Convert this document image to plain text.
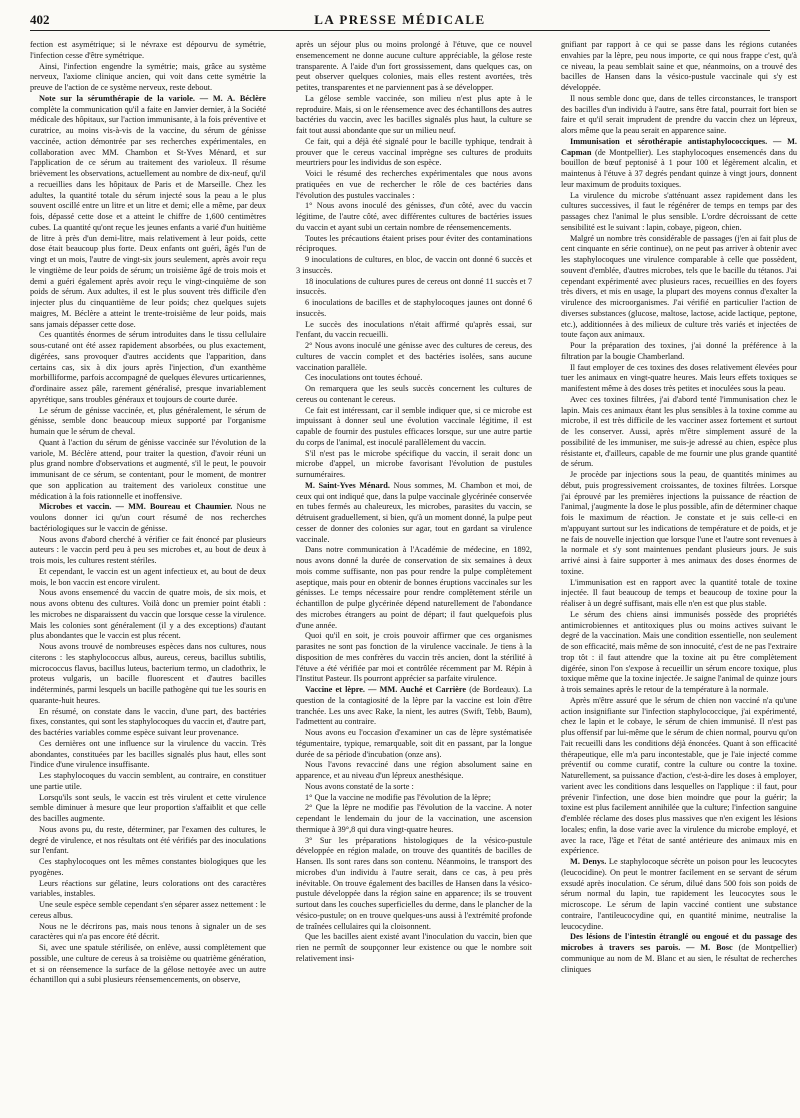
402	LA PRESSE MÉDICALE

fection est asymétrique; si le névraxe est dépourvu de symétrie, l'infection cesse d'être symétrique.

Ainsi, l'infection engendre la symétrie; mais, grâce au système nerveux, l'axiome clinique ancien, qui voit dans cette symétrie la preuve de l'action de ce système nerveux, reste debout.

Note sur la sérumthérapie de la variole. — M. A. Béclère complète la communication qu'il a faite en Janvier dernier, à la Société médicale des hôpitaux, sur l'action immunisante, à la fois préventive et curatrice, au moins vis-à-vis de la vaccine, du sérum de génisse vaccinée, action démontrée par ses recherches expérimentales, en collaboration avec MM. Chambon et St-Yves Ménard, et sur l'application de ce sérum au traitement des varioleux. Il résume brièvement les observations, actuellement au nombre de dix-neuf, qu'il a recueillies dans les hôpitaux de Paris et de Marseille. Chez les adultes, la quantité totale du sérum injecté sous la peau a le plus souvent oscillé entre un litre et un litre et demi; elle a même, par deux fois, dépassé cette dose et a atteint le chiffre de 1,600 centimètres cubes. La quantité qu'ont reçue les jeunes enfants a varié d'un huitième de litre à près d'un demi-litre, mais relativement à leur poids, cette dose était beaucoup plus forte. Deux enfants ont guéri, âgés l'un de vingt et un mois, l'autre de vingt-six jours seulement, après avoir reçu le vingtième de leur poids de sérum; un troisième âgé de trois mois et demi a guéri également après avoir reçu le vingt-cinquième de son poids de sérum. Aux adultes, il est le plus souvent très difficile d'en injecter plus du cinquantième de leur poids; chez quelques sujets maigres, M. Béclère a atteint le trente-troisième de leur poids, mais sans jamais dépasser cette dose.

Ces quantités énormes de sérum introduites dans le tissu cellulaire sous-cutané ont été assez rapidement absorbées, ou plus exactement, digérées, sans provoquer d'autres accidents que l'apparition, dans certains cas, six à dix jours après l'injection, d'un exanthème morbilliforme, parfois accompagné de quelques élevures urticariennes, d'ordinaire assez pâle, rarement généralisé, presque invariablement apyrétique, sans troubles généraux et toujours de courte durée.

Le sérum de génisse vaccinée, et, plus généralement, le sérum de génisse, semble donc beaucoup mieux supporté par l'organisme humain que le sérum de cheval.

Quant à l'action du sérum de génisse vaccinée sur l'évolution de la variole, M. Béclère attend, pour traiter la question, d'avoir réuni un plus grand nombre d'observations et augmenté, s'il le peut, le pouvoir immunisant de ce sérum, se contentant, pour le moment, de montrer que son application au traitement des varioleux constitue une médication à la fois rationnelle et inoffensive.

Microbes et vaccin. — MM. Boureau et Chaumier. Nous ne voulons donner ici qu'un court résumé de nos recherches bactériologiques sur le vaccin de génisse.

Nous avons d'abord cherché à vérifier ce fait énoncé par plusieurs auteurs : le vaccin perd peu à peu ses microbes et, au bout de deux à trois mois, les cultures restent stériles.

Et cependant, le vaccin est un agent infectieux et, au bout de deux mois, le bon vaccin est encore virulent.

Nous avons ensemencé du vaccin de quatre mois, de six mois, et nous avons obtenu des cultures. Voilà donc un premier point établi : les microbes ne disparaissent du vaccin que lorsque cesse la virulence. Mais les colonies sont généralement (il y a des exceptions) d'autant plus abondantes que le vaccin est plus récent.

Nous avons trouvé de nombreuses espèces dans nos cultures, nous citerons : les staphylococcus albus, aureus, cereus, bacillus subtilis, micrococcus flavus, bacillus luteus, bacterium termo, un cladothrix, le proteus vulgaris, un bacille fluorescent et d'autres bacilles indéterminés, parmi lesquels un bacille pathogène qui tue les souris en quarante-huit heures.

En résumé, on constate dans le vaccin, d'une part, des bactéries fixes, constantes, qui sont les staphylocoques du vaccin et, d'autre part, des bactéries variables comme espèce suivant leur provenance.

Ces dernières ont une influence sur la virulence du vaccin. Très abondantes, constituées par les bacilles signalés plus haut, elles sont l'indice d'une virulence insuffisante.

Les staphylocoques du vaccin semblent, au contraire, en constituer une partie utile.

Lorsqu'ils sont seuls, le vaccin est très virulent et cette virulence semble diminuer à mesure que leur proportion s'affaiblit et que celle des bacilles augmente.

Nous avons pu, du reste, déterminer, par l'examen des cultures, le degré de virulence, et nos résultats ont été vérifiés par des inoculations sur l'enfant.

Ces staphylocoques ont les mêmes constantes biologiques que les pyogènes.

Leurs réactions sur gélatine, leurs colorations ont des caractères variables, instables.

Une seule espèce semble cependant s'en séparer assez nettement : le cereus albus.

Nous ne le décrirons pas, mais nous tenons à signaler un de ses caractères qui n'a pas encore été décrit.

Si, avec une spatule stérilisée, on enlève, aussi complètement que possible, une culture de cereus à sa troisième ou quatrième génération, et si on réensemence la surface de la gélose nettoyée avec un autre échantillon qui a subi plusieurs réensemencements, on observe,

après un séjour plus ou moins prolongé à l'étuve, que ce nouvel ensemencement ne donne aucune culture appréciable, la gélose reste transparente. A l'aide d'un fort grossissement, dans quelques cas, on peut observer quelques colonies, mais elles restent avortées, très petites, transparentes et ne parviennent pas à se développer.

La gélose semble vaccinée, son milieu n'est plus apte à le reproduire. Mais, si on le réensemence avec des échantillons des autres bactéries du vaccin, avec les bacilles signalés plus haut, la culture se fait tout aussi abondante que sur un milieu neuf.

Ce fait, qui a déjà été signalé pour le bacille typhique, tendrait à prouver que le cereus vaccinal imprègne ses cultures de produits meurtriers pour les individus de son espèce.

Voici le résumé des recherches expérimentales que nous avons pratiquées en vue de rechercher le rôle de ces bactéries dans l'évolution des pustules vaccinales :

1° Nous avons inoculé des génisses, d'un côté, avec du vaccin légitime, de l'autre côté, avec différentes cultures de bactéries issues du vaccin et ayant subi un certain nombre de réensemencements.

Toutes les précautions étaient prises pour éviter des contaminations réciproques.

9 inoculations de cultures, en bloc, de vaccin ont donné 6 succès et 3 insuccès.

18 inoculations de cultures pures de cereus ont donné 11 succès et 7 insuccès.

6 inoculations de bacilles et de staphylocoques jaunes ont donné 6 insuccès.

Le succès des inoculations n'était affirmé qu'après essai, sur l'enfant, du vaccin recueilli.

2° Nous avons inoculé une génisse avec des cultures de cereus, des cultures de vaccin complet et des bactéries isolées, sans aucune vaccination parallèle.

Ces inoculations ont toutes échoué.

On remarquera que les seuls succès concernent les cultures de cereus ou contenant le cereus.

Ce fait est intéressant, car il semble indiquer que, si ce microbe est impuissant à donner seul une évolution vaccinale légitime, il est capable de fournir des pustules efficaces lorsque, sur une autre partie du corps de l'animal, est inoculé parallèlement du vaccin.

S'il n'est pas le microbe spécifique du vaccin, il serait donc un microbe d'appel, un microbe favorisant l'évolution de pustules surnuméraires.

M. Saint-Yves Ménard. Nous sommes, M. Chambon et moi, de ceux qui ont indiqué que, dans la pulpe vaccinale glycérinée conservée en tubes fermés au chaleureux, les microbes, parasites du vaccin, se détruisent graduellement, si bien, qu'à un moment donné, la pulpe peut cesser de donner des colonies sur agar, tout en gardant sa virulence vaccinale.

Dans notre communication à l'Académie de médecine, en 1892, nous avons donné la durée de conservation de six semaines à deux mois comme suffisante, non pas pour rendre la pulpe complètement aseptique, mais pour en obtenir de bonnes éruptions vaccinales sur les génisses. Le temps nécessaire pour rendre complètement stérile un échantillon de pulpe glycérinée dépend naturellement de l'abondance des microbes étrangers au point de départ; il faut quelquefois plus d'une année.

Quoi qu'il en soit, je crois pouvoir affirmer que ces organismes parasites ne sont pas fonction de la virulence vaccinale. Je tiens à la disposition de mes confrères du vaccin très ancien, dont la stérilité à l'étuve a été vérifiée par moi et contrôlée récemment par M. Répin à l'Institut Pasteur. Ils pourront apprécier sa parfaite virulence.

Vaccine et lèpre. — MM. Auché et Carrière (de Bordeaux). La question de la contagiosité de la lèpre par la vaccine est loin d'être tranchée. Les uns avec Rake, la nient, les autres (Swift, Tebb, Baum), l'admettent au contraire.

Nous avons eu l'occasion d'examiner un cas de lèpre systématisée tégumentaire, typique, remarquable, soit dit en passant, par la longue durée de sa période d'incubation (onze ans).

Nous l'avons revacciné dans une région absolument saine en apparence, et au niveau d'un lépreux anesthésique.

Nous avons constaté de la sorte :

1° Que la vaccine ne modifie pas l'évolution de la lèpre;

2° Que la lèpre ne modifie pas l'évolution de la vaccine. A noter cependant le lendemain du jour de la vaccination, une ascension thermique à 39°,8 qui dura vingt-quatre heures.

3° Sur les préparations histologiques de la vésico-pustule développée en région malade, on trouve des quantités de bacilles de Hansen. Ils sont rares dans son contenu. Néanmoins, le transport des microbes d'un individu à l'autre serait, dans ce cas, à peu près inévitable. On trouve également des bacilles de Hansen dans la vésico-pustule développée dans la région saine en apparence; ils se trouvent surtout dans les couches superficielles du derme, dans le plancher de la vésico-pustule; on en trouve quelques-uns aussi à l'extrémité profonde de traînées cellulaires qui la cloisonnent.

Que les bacilles aient existé avant l'inoculation du vaccin, bien que rien ne permît de soupçonner leur existence ou que le nombre soit relativement insi-

gnifiant par rapport à ce qui se passe dans les régions cutanées envahies par la lèpre, peu nous importe, ce qui nous frappe c'est, qu'à ce niveau, la peau semblait saine et que, néanmoins, on a trouvé des bacilles de Hansen dans la vésico-pustule vaccinale qui s'y est développée.

Il nous semble donc que, dans de telles circonstances, le transport des bacilles d'un individu à l'autre, sans être fatal, pourrait fort bien se faire et qu'il serait imprudent de prendre du vaccin chez un lépreux, alors même que la peau serait en apparence saine.

Immunisation et sérothérapie antistaphylococciques. — M. Capman (de Montpellier). Les staphylocoques ensemencés dans du bouillon de bœuf peptonisé à 1 pour 100 et légèrement alcalin, et maintenus à l'étuve à 37 degrés pendant quinze à vingt jours, donnent leur maximum de produits toxiques.

La virulence du microbe s'atténuant assez rapidement dans les cultures successives, il faut le régénérer de temps en temps par des passages chez l'animal le plus sensible. L'ordre décroissant de cette sensibilité est le suivant : lapin, cobaye, pigeon, chien.

Malgré un nombre très considérable de passages (j'en ai fait plus de cent cinquante en série continue), on ne peut pas arriver à obtenir avec les staphylocoques une virulence comparable à celle que possèdent, souvent d'emblée, d'autres microbes, tels que le bacille du tétanos. J'ai cependant expérimenté avec plusieurs races, recueillies en des foyers très divers, et mis en usage, la plupart des moyens connus d'exalter la virulence des microorganismes. J'ai vérifié en particulier l'action de diverses substances (glucose, maltose, lactose, acide lactique, peptone, etc.), additionnées à des milieux de culture très variés et injectées de toute façon aux animaux.

Pour la préparation des toxines, j'ai donné la préférence à la filtration par la bougie Chamberland.

Il faut employer de ces toxines des doses relativement élevées pour tuer les animaux en vingt-quatre heures. Mais leurs effets toxiques se manifestent même à des doses très petites et inoculées sous la peau.

Avec ces toxines filtrées, j'ai d'abord tenté l'immunisation chez le lapin. Mais ces animaux étant les plus sensibles à la toxine comme au microbe, il est très difficile de les vacciner assez fortement et surtout de les conserver. Aussi, après m'être simplement assuré de la possibilité de les immuniser, me suis-je adressé au chien, espèce plus résistante et, d'ailleurs, capable de me fournir une plus grande quantité de sérum.

Je procède par injections sous la peau, de quantités minimes au début, puis progressivement croissantes, de toxines filtrées. Lorsque j'ai éprouvé par les premières injections la puissance de réaction de l'animal, j'augmente la dose le plus possible, afin de déterminer chaque fois le maximum de réaction. Je constate et je suis celle-ci en m'appuyant surtout sur les indications de température et de poids, et je ne fais de nouvelle injection que lorsque l'une et l'autre sont revenues à la normale et s'y sont maintenues pendant plusieurs jours. Je suis arrivé ainsi à faire supporter à mes animaux des doses énormes de toxine.

L'immunisation est en rapport avec la quantité totale de toxine injectée. Il faut beaucoup de temps et beaucoup de toxine pour la réaliser à un degré suffisant, mais elle n'en est que plus stable.

Le sérum des chiens ainsi immunisés possède des propriétés antimicrobiennes et antitoxiques plus ou moins actives suivant le degré de la vaccination. Mais une condition essentielle, non seulement de son efficacité, mais même de son innocuité, c'est de ne pas l'extraire trop tôt : il faut attendre que la toxine ait pu être complètement digérée, sinon l'on s'expose à recueillir un sérum encore toxique, plus toxique même que la toxine injectée. Je saigne l'animal de quinze jours à trois semaines après le retour de la température à la normale.

Après m'être assuré que le sérum de chien non vacciné n'a qu'une action insignifiante sur l'infection staphylococcique, j'ai expérimenté, chez le lapin et le cobaye, le sérum de chien immunisé. Il n'est pas plus offensif par lui-même que le sérum de chien normal, pourvu qu'on l'ait recueilli dans les conditions déjà énoncées. Quant à son efficacité thérapeutique, elle m'a paru incontestable, que je l'aie injecté comme préventif ou comme curatif, contre la culture ou contre la toxine. Naturellement, sa puissance d'action, c'est-à-dire les doses à employer, varient avec les conditions dans lesquelles on l'applique : il faut, pour prévenir l'infection, une dose bien moindre que pour la guérir; la toxine est plus facilement annihilée que la culture; l'infection sanguine d'emblée réclame des doses plus massives que n'en exigent les lésions locales; enfin, la dose varie avec la virulence du microbe employé, et avec la race, l'âge et l'état de santé antérieure des animaux mis en expérience.

M. Denys. Le staphylocoque sécrète un poison pour les leucocytes (leucocidine). On peut le montrer facilement en se servant de sérum exsudé après inoculation. Ce sérum, dilué dans 500 fois son poids de sérum normal du lapin, tue rapidement les leucocytes sous le microscope. Le sérum de lapin vacciné contient une substance contraire, l'antileucocydine qui, en quantité minime, neutralise la leucocydine.

Des lésions de l'intestin étranglé ou engoué et du passage des microbes à travers ses parois. — M. Bosc (de Montpellier) communique au nom de M. Blanc et au sien, le résultat de recherches cliniques
